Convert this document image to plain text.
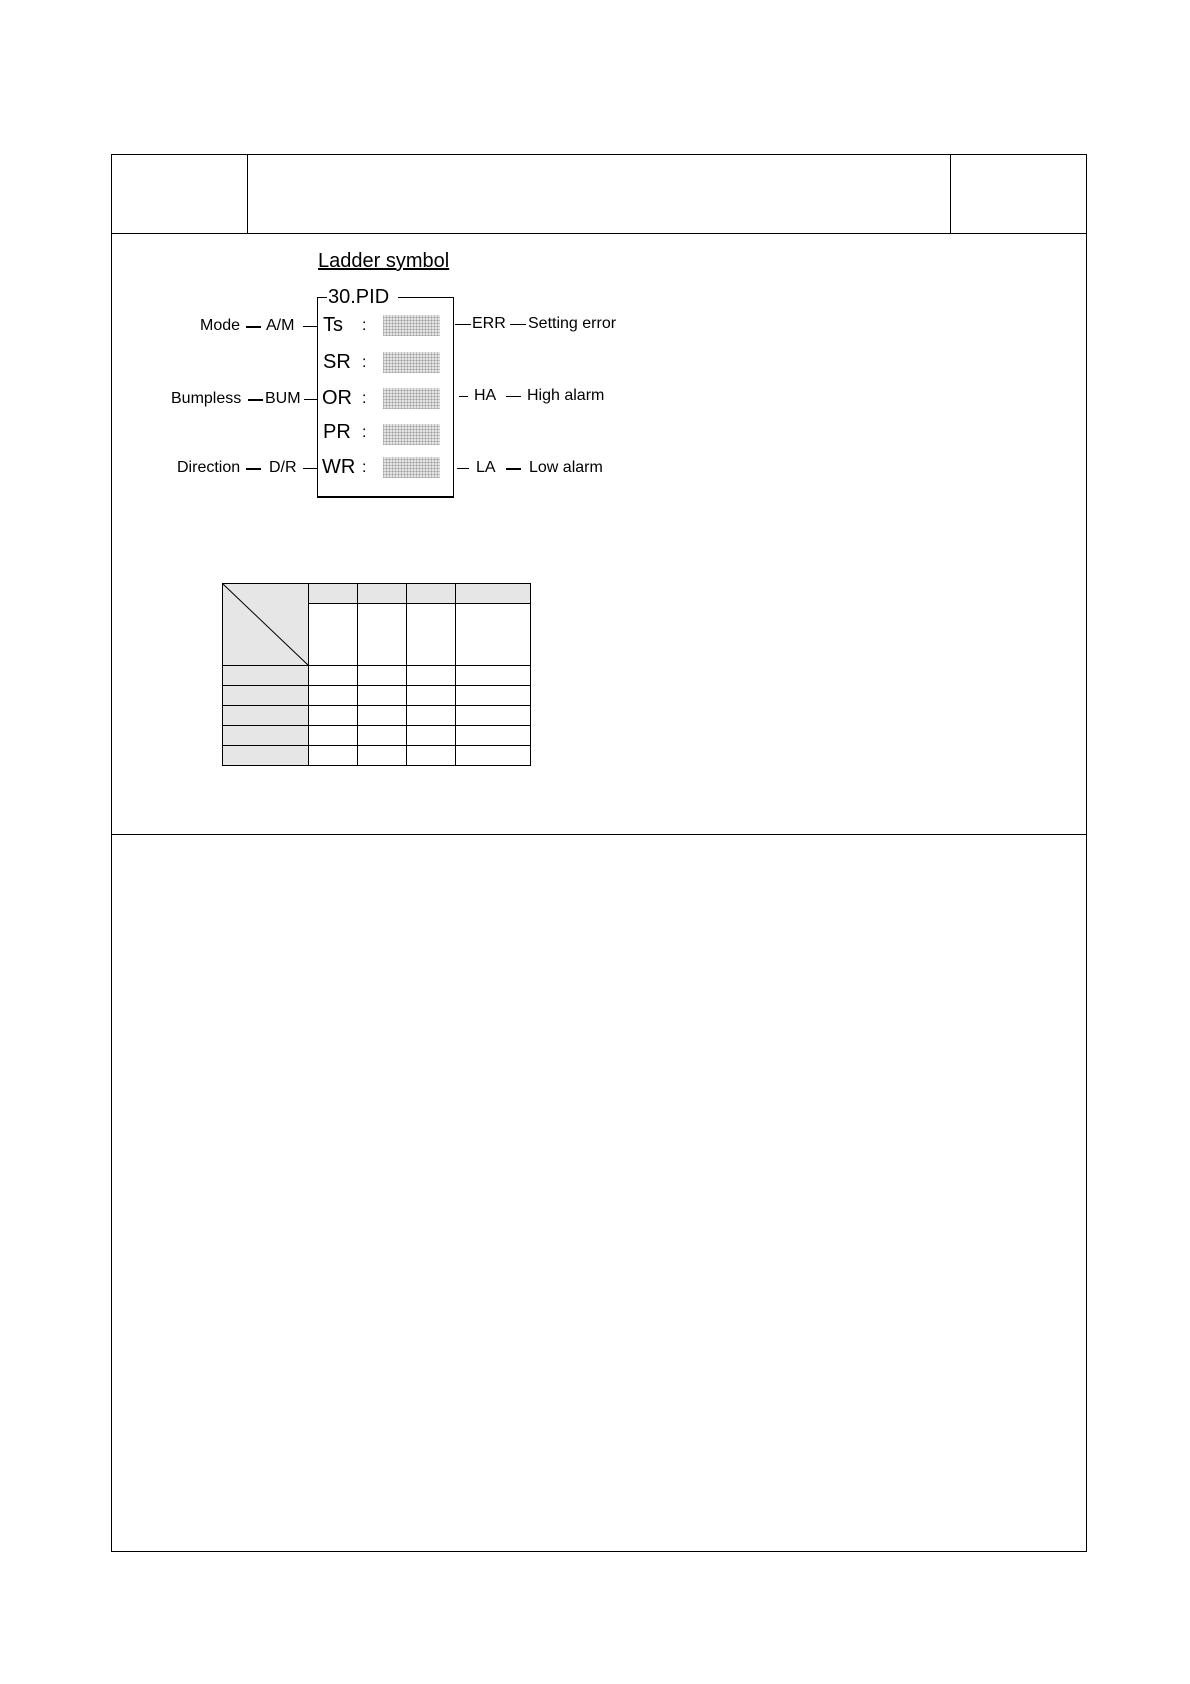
Ladder symbol
30.PID
Ts :
SR :
OR :
PR :
WR :
Mode A/M
Bumpless BUM
Direction D/R
ERR Setting error
HA High alarm
LA Low alarm
